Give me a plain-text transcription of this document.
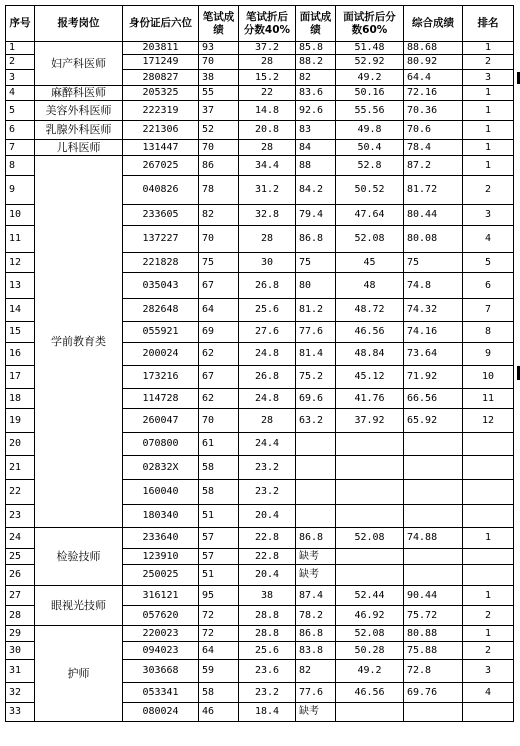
序号	报考岗位	身份证后六位	笔试成绩	笔试折后分数40%	面试成绩	面试折后分数60%	综合成绩	排名
1	妇产科医师	203811	93	37.2	85.8	51.48	88.68	1
2		171249	70	28	88.2	52.92	80.92	2
3		280827	38	15.2	82	49.2	64.4	3
4	麻醉科医师	205325	55	22	83.6	50.16	72.16	1
5	美容外科医师	222319	37	14.8	92.6	55.56	70.36	1
6	乳腺外科医师	221306	52	20.8	83	49.8	70.6	1
7	儿科医师	131447	70	28	84	50.4	78.4	1
8	学前教育类	267025	86	34.4	88	52.8	87.2	1
9		040826	78	31.2	84.2	50.52	81.72	2
10		233605	82	32.8	79.4	47.64	80.44	3
11		137227	70	28	86.8	52.08	80.08	4
12		221828	75	30	75	45	75	5
13		035043	67	26.8	80	48	74.8	6
14		282648	64	25.6	81.2	48.72	74.32	7
15		055921	69	27.6	77.6	46.56	74.16	8
16		200024	62	24.8	81.4	48.84	73.64	9
17		173216	67	26.8	75.2	45.12	71.92	10
18		114728	62	24.8	69.6	41.76	66.56	11
19		260047	70	28	63.2	37.92	65.92	12
20		070800	61	24.4				
21		02832X	58	23.2				
22		160040	58	23.2				
23		180340	51	20.4				
24	检验技师	233640	57	22.8	86.8	52.08	74.88	1
25		123910	57	22.8	缺考			
26		250025	51	20.4	缺考			
27	眼视光技师	316121	95	38	87.4	52.44	90.44	1
28		057620	72	28.8	78.2	46.92	75.72	2
29	护师	220023	72	28.8	86.8	52.08	80.88	1
30		094023	64	25.6	83.8	50.28	75.88	2
31		303668	59	23.6	82	49.2	72.8	3
32		053341	58	23.2	77.6	46.56	69.76	4
33		080024	46	18.4	缺考			
